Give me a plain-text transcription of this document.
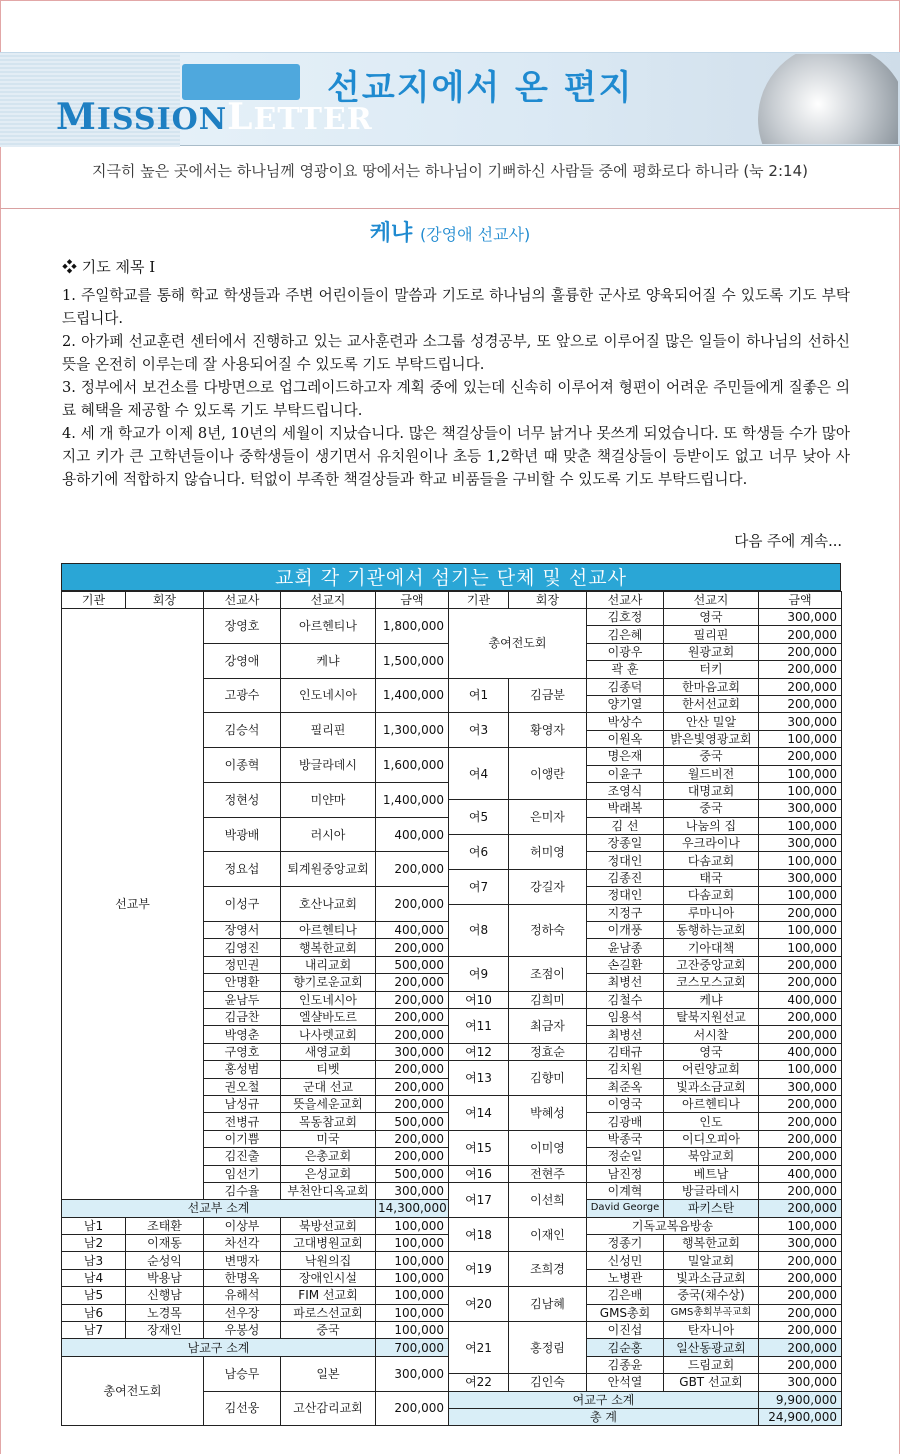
MISSIONLETTER
선교지에서 온 편지
지극히 높은 곳에서는 하나님께 영광이요 땅에서는 하나님이 기뻐하신 사람들 중에 평화로다 하니라 (눅 2:14)
케냐 (강영애 선교사)
❖ 기도 제목 I

1. 주일학교를 통해 학교 학생들과 주변 어린이들이 말씀과 기도로 하나님의 훌륭한 군사로 양육되어질 수 있도록 기도 부탁드립니다.

2. 아가페 선교훈련 센터에서 진행하고 있는 교사훈련과 소그룹 성경공부, 또 앞으로 이루어질 많은 일들이 하나님의 선하신 뜻을 온전히 이루는데 잘 사용되어질 수 있도록 기도 부탁드립니다.

3. 정부에서 보건소를 다방면으로 업그레이드하고자 계획 중에 있는데 신속히 이루어져 형편이 어려운 주민들에게 질좋은 의료 혜택을 제공할 수 있도록 기도 부탁드립니다.

4. 세 개 학교가 이제 8년, 10년의 세월이 지났습니다. 많은 책걸상들이 너무 낡거나 못쓰게 되었습니다. 또 학생들 수가 많아지고 키가 큰 고학년들이나 중학생들이 생기면서 유치원이나 초등 1,2학년 때 맞춘 책걸상들이 등받이도 없고 너무 낮아 사용하기에 적합하지 않습니다. 턱없이 부족한 책걸상들과 학교 비품들을 구비할 수 있도록 기도 부탁드립니다.

다음 주에 계속...
교회 각 기관에서 섬기는 단체 및 선교사
기관	회장	선교사	선교지	금액	기관	회장	선교사	선교지	금액
선교부		장영호	아르헨티나	1,800,000	총여전도회		김호정	영국	300,000
							김은혜	필리핀	200,000
		강영애	케냐	1,500,000			이광우	원광교회	200,000
							곽 훈	터키	200,000
		고광수	인도네시아	1,400,000	여1	김금분	김종덕	한마음교회	200,000
							양기열	한서선교회	200,000
		김승석	필리핀	1,300,000	여3	황영자	박상수	안산 밀알	300,000
							이원옥	밝은빛영광교회	100,000
		이종혁	방글라데시	1,600,000	여4	이앵란	명은재	중국	200,000
							이윤구	월드비전	100,000
		정현성	미얀마	1,400,000			조영식	대명교회	100,000
					여5	은미자	박래복	중국	300,000
		박광배	러시아	400,000			김 선	나눔의 집	100,000
					여6	허미영	장종일	우크라이나	300,000
		정요섭	퇴계원중앙교회	200,000			정대인	다솜교회	100,000
					여7	강길자	김종진	태국	300,000
		이성구	호산나교회	200,000			정대인	다솜교회	100,000
					여8	정하숙	지정구	루마니아	200,000
		장영서	아르헨티나	400,000			이개풍	동행하는교회	100,000
		김영진	행복한교회	200,000			윤남종	기아대책	100,000
		정민권	내리교회	500,000	여9	조점이	손길환	고잔중앙교회	200,000
		안명환	향기로운교회	200,000			최병선	코스모스교회	200,000
		윤남두	인도네시아	200,000	여10	김희미	김철수	케냐	400,000
		김금찬	엘샬바도르	200,000	여11	최금자	임용석	탈북지원선교	200,000
		박영춘	나사렛교회	200,000			최병선	서시찰	200,000
		구영호	새영교회	300,000	여12	정효순	김태규	영국	400,000
		홍성범	티벳	200,000	여13	김향미	김치원	어린양교회	100,000
		권오철	군대 선교	200,000			최준옥	빛과소금교회	300,000
		남성규	뜻을세운교회	200,000	여14	박혜성	이영국	아르헨티나	200,000
		전병규	목동참교회	500,000			김광배	인도	200,000
		이기쁨	미국	200,000	여15	이미영	박종국	이디오피아	200,000
		김진출	은총교회	200,000			정순일	북암교회	200,000
		임선기	은성교회	500,000	여16	전현주	남진정	베트남	400,000
		김수율	부천안디옥교회	300,000	여17	이선희	이계혁	방글라데시	200,000
선교부 소계				14,300,000			David George	파키스탄	200,000
남1	조태환	이상부	북방선교회	100,000	여18	이재인	기독교복음방송		100,000
남2	이재동	차선각	고대병원교회	100,000			정종기	행복한교회	300,000
남3	순성익	변맹자	낙원의집	100,000	여19	조희경	신성민	밀알교회	200,000
남4	박용남	한명옥	장애인시설	100,000			노병관	빛과소금교회	200,000
남5	신행남	유해석	FIM 선교회	100,000	여20	김남혜	김은배	중국(채수상)	200,000
남6	노경목	선우장	파로스선교회	100,000			GMS총회	GMS총회부곡교회	200,000
남7	장재인	우봉성	중국	100,000	여21	홍정림	이진섭	탄자니아	200,000
남교구 소계				700,000			김순홍	일산동광교회	200,000
총여전도회		남승무	일본	300,000			김종윤	드림교회	200,000
					여22	김인숙	안석열	GBT 선교회	300,000
		김선웅	고산감리교회	200,000	여교구 소계				9,900,000
					총 계				24,900,000
